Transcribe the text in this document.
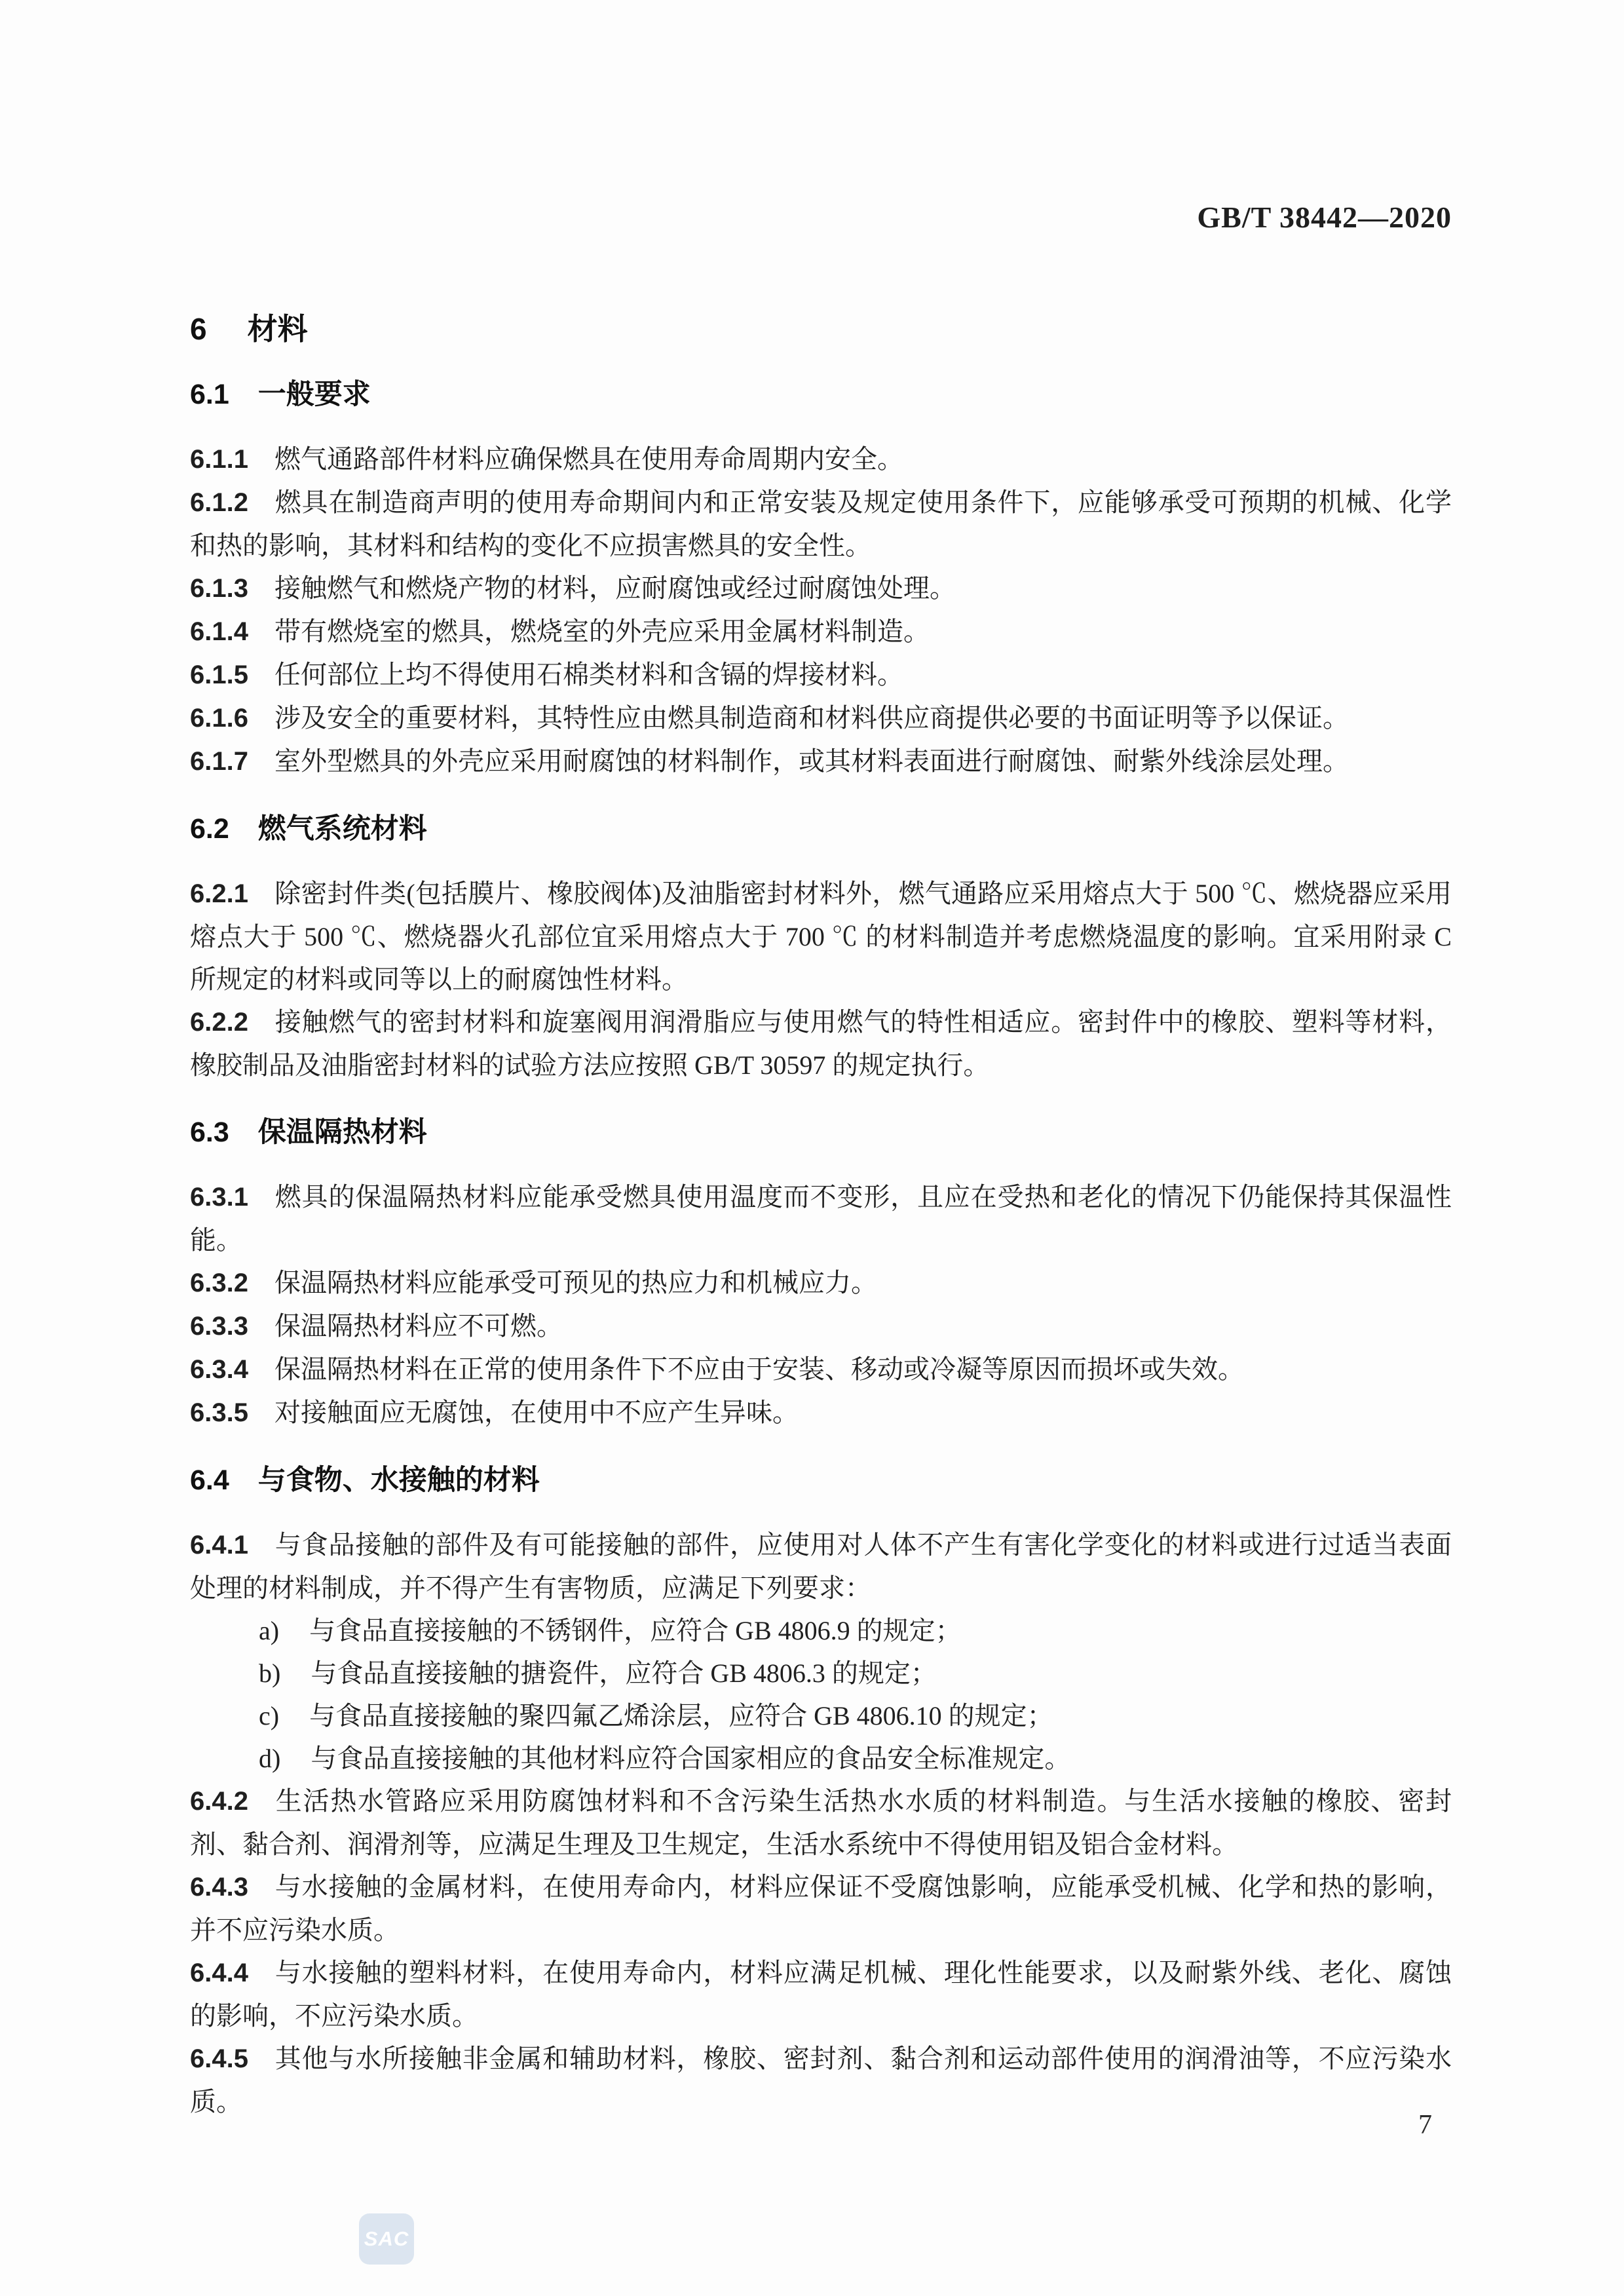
GB/T 38442—2020
6 材料
6.1 一般要求

6.1.1 燃气通路部件材料应确保燃具在使用寿命周期内安全。

6.1.2 燃具在制造商声明的使用寿命期间内和正常安装及规定使用条件下，应能够承受可预期的机械、化学和热的影响，其材料和结构的变化不应损害燃具的安全性。

6.1.3 接触燃气和燃烧产物的材料，应耐腐蚀或经过耐腐蚀处理。

6.1.4 带有燃烧室的燃具，燃烧室的外壳应采用金属材料制造。

6.1.5 任何部位上均不得使用石棉类材料和含镉的焊接材料。

6.1.6 涉及安全的重要材料，其特性应由燃具制造商和材料供应商提供必要的书面证明等予以保证。

6.1.7 室外型燃具的外壳应采用耐腐蚀的材料制作，或其材料表面进行耐腐蚀、耐紫外线涂层处理。

6.2 燃气系统材料

6.2.1 除密封件类(包括膜片、橡胶阀体)及油脂密封材料外，燃气通路应采用熔点大于 500 ℃、燃烧器应采用熔点大于 500 ℃、燃烧器火孔部位宜采用熔点大于 700 ℃ 的材料制造并考虑燃烧温度的影响。宜采用附录 C 所规定的材料或同等以上的耐腐蚀性材料。

6.2.2 接触燃气的密封材料和旋塞阀用润滑脂应与使用燃气的特性相适应。密封件中的橡胶、塑料等材料，橡胶制品及油脂密封材料的试验方法应按照 GB/T 30597 的规定执行。

6.3 保温隔热材料

6.3.1 燃具的保温隔热材料应能承受燃具使用温度而不变形，且应在受热和老化的情况下仍能保持其保温性能。

6.3.2 保温隔热材料应能承受可预见的热应力和机械应力。

6.3.3 保温隔热材料应不可燃。

6.3.4 保温隔热材料在正常的使用条件下不应由于安装、移动或冷凝等原因而损坏或失效。

6.3.5 对接触面应无腐蚀，在使用中不应产生异味。

6.4 与食物、水接触的材料

6.4.1 与食品接触的部件及有可能接触的部件，应使用对人体不产生有害化学变化的材料或进行过适当表面处理的材料制成，并不得产生有害物质，应满足下列要求：

a) 与食品直接接触的不锈钢件，应符合 GB 4806.9 的规定；

b) 与食品直接接触的搪瓷件，应符合 GB 4806.3 的规定；

c) 与食品直接接触的聚四氟乙烯涂层，应符合 GB 4806.10 的规定；

d) 与食品直接接触的其他材料应符合国家相应的食品安全标准规定。

6.4.2 生活热水管路应采用防腐蚀材料和不含污染生活热水水质的材料制造。与生活水接触的橡胶、密封剂、黏合剂、润滑剂等，应满足生理及卫生规定，生活水系统中不得使用铝及铝合金材料。

6.4.3 与水接触的金属材料，在使用寿命内，材料应保证不受腐蚀影响，应能承受机械、化学和热的影响，并不应污染水质。

6.4.4 与水接触的塑料材料，在使用寿命内，材料应满足机械、理化性能要求，以及耐紫外线、老化、腐蚀的影响，不应污染水质。

6.4.5 其他与水所接触非金属和辅助材料，橡胶、密封剂、黏合剂和运动部件使用的润滑油等，不应污染水质。

7
SAC
